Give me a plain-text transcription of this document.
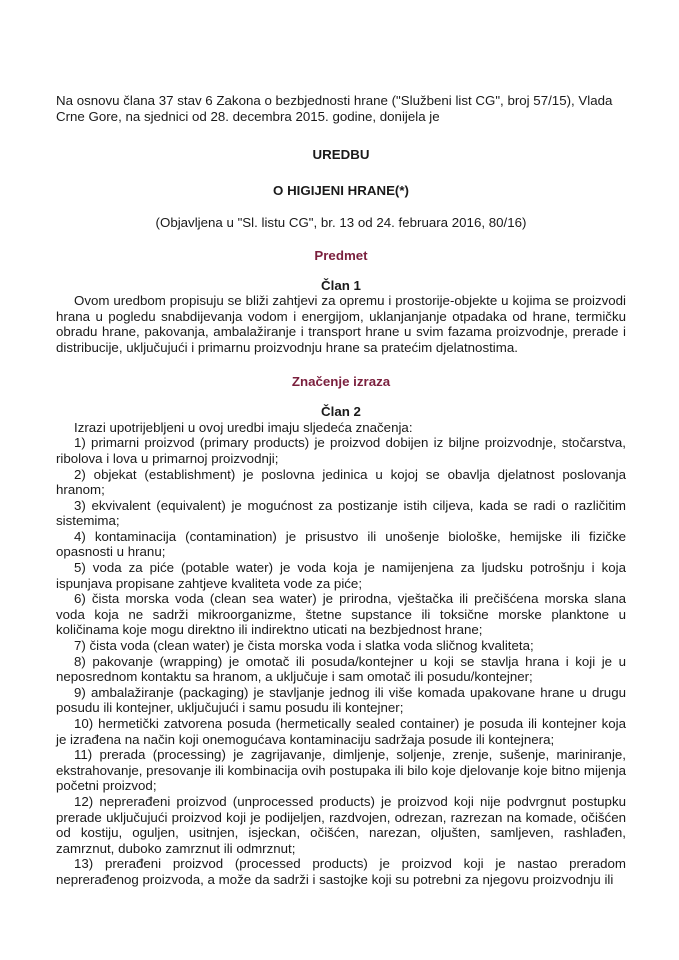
Na osnovu člana 37 stav 6 Zakona o bezbjednosti hrane ("Službeni list CG", broj 57/15), Vlada Crne Gore, na sjednici od 28. decembra 2015. godine, donijela je

UREDBU
O HIGIJENI HRANE(*)
(Objavljena u "Sl. listu CG", br. 13 od 24. februara 2016, 80/16)
Predmet
Član 1

Ovom uredbom propisuju se bliži zahtjevi za opremu i prostorije-objekte u kojima se proizvodi hrana u pogledu snabdijevanja vodom i energijom, uklanjanjanje otpadaka od hrane, termičku obradu hrane, pakovanja, ambalažiranje i transport hrane u svim fazama proizvodnje, prerade i distribucije, uključujući i primarnu proizvodnju hrane sa pratećim djelatnostima.

Značenje izraza
Član 2

Izrazi upotrijebljeni u ovoj uredbi imaju sljedeća značenja:

1) primarni proizvod (primary products) je proizvod dobijen iz biljne proizvodnje, stočarstva, ribolova i lova u primarnoj proizvodnji;

2) objekat (establishment) je poslovna jedinica u kojoj se obavlja djelatnost poslovanja hranom;

3) ekvivalent (equivalent) je mogućnost za postizanje istih ciljeva, kada se radi o različitim sistemima;

4) kontaminacija (contamination) je prisustvo ili unošenje biološke, hemijske ili fizičke opasnosti u hranu;

5) voda za piće (potable water) je voda koja je namijenjena za ljudsku potrošnju i koja ispunjava propisane zahtjeve kvaliteta vode za piće;

6) čista morska voda (clean sea water) je prirodna, vještačka ili prečišćena morska slana voda koja ne sadrži mikroorganizme, štetne supstance ili toksične morske planktone u količinama koje mogu direktno ili indirektno uticati na bezbjednost hrane;

7) čista voda (clean water) je čista morska voda i slatka voda sličnog kvaliteta;

8) pakovanje (wrapping) je omotač ili posuda/kontejner u koji se stavlja hrana i koji je u neposrednom kontaktu sa hranom, a uključuje i sam omotač ili posudu/kontejner;

9) ambalažiranje (packaging) je stavljanje jednog ili više komada upakovane hrane u drugu posudu ili kontejner, uključujući i samu posudu ili kontejner;

10) hermetički zatvorena posuda (hermetically sealed container) je posuda ili kontejner koja je izrađena na način koji onemogućava kontaminaciju sadržaja posude ili kontejnera;

11) prerada (processing) je zagrijavanje, dimljenje, soljenje, zrenje, sušenje, mariniranje, ekstrahovanje, presovanje ili kombinacija ovih postupaka ili bilo koje djelovanje koje bitno mijenja početni proizvod;

12) neprerađeni proizvod (unprocessed products) je proizvod koji nije podvrgnut postupku prerade uključujući proizvod koji je podijeljen, razdvojen, odrezan, razrezan na komade, očišćen od kostiju, oguljen, usitnjen, isjeckan, očišćen, narezan, oljušten, samljeven, rashlađen, zamrznut, duboko zamrznut ili odmrznut;

13) prerađeni proizvod (processed products) je proizvod koji je nastao preradom neprerađenog proizvoda, a može da sadrži i sastojke koji su potrebni za njegovu proizvodnju ili
